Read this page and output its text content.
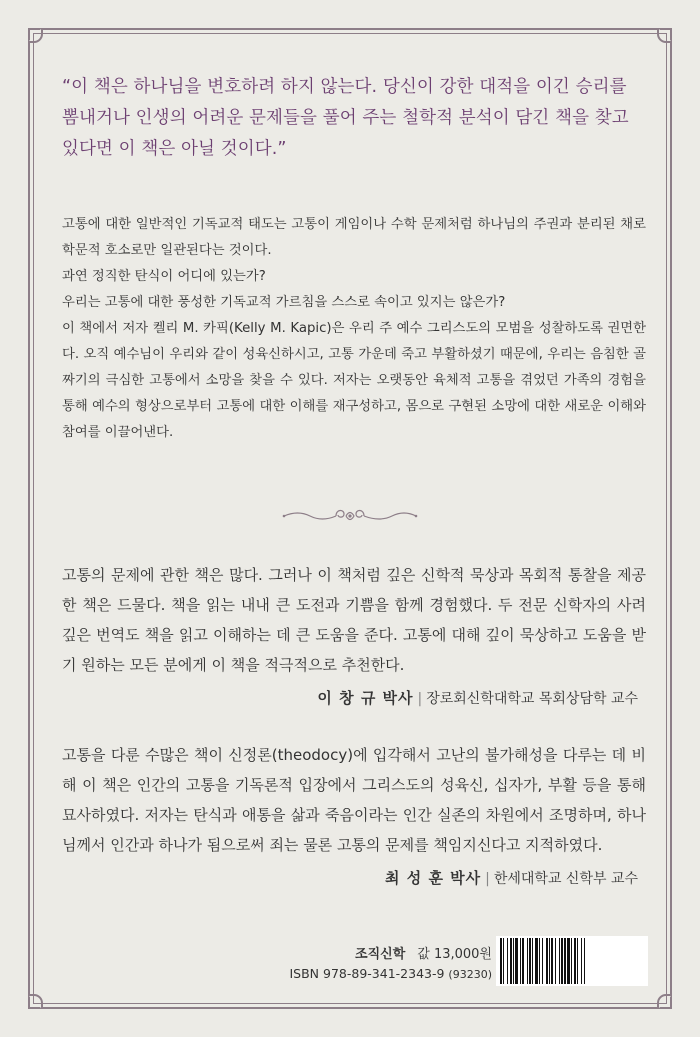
“이 책은 하나님을 변호하려 하지 않는다. 당신이 강한 대적을 이긴 승리를
뽐내거나 인생의 어려운 문제들을 풀어 주는 철학적 분석이 담긴 책을 찾고
있다면 이 책은 아닐 것이다.”

고통에 대한 일반적인 기독교적 태도는 고통이 게임이나 수학 문제처럼 하나님의 주권과 분리된 채로 학문적 호소로만 일관된다는 것이다.

과연 정직한 탄식이 어디에 있는가?

우리는 고통에 대한 풍성한 기독교적 가르침을 스스로 속이고 있지는 않은가?

이 책에서 저자 켈리 M. 카픽(Kelly M. Kapic)은 우리 주 예수 그리스도의 모범을 성찰하도록 권면한다. 오직 예수님이 우리와 같이 성육신하시고, 고통 가운데 죽고 부활하셨기 때문에, 우리는 음침한 골짜기의 극심한 고통에서 소망을 찾을 수 있다. 저자는 오랫동안 육체적 고통을 겪었던 가족의 경험을 통해 예수의 형상으로부터 고통에 대한 이해를 재구성하고, 몸으로 구현된 소망에 대한 새로운 이해와 참여를 이끌어낸다.

고통의 문제에 관한 책은 많다. 그러나 이 책처럼 깊은 신학적 묵상과 목회적 통찰을 제공한 책은 드물다. 책을 읽는 내내 큰 도전과 기쁨을 함께 경험했다. 두 전문 신학자의 사려 깊은 번역도 책을 읽고 이해하는 데 큰 도움을 준다. 고통에 대해 깊이 묵상하고 도움을 받기 원하는 모든 분에게 이 책을 적극적으로 추천한다.

이 창 규 박사 | 장로회신학대학교 목회상담학 교수

고통을 다룬 수많은 책이 신정론(theodocy)에 입각해서 고난의 불가해성을 다루는 데 비해 이 책은 인간의 고통을 기독론적 입장에서 그리스도의 성육신, 십자가, 부활 등을 통해 묘사하였다. 저자는 탄식과 애통을 삶과 죽음이라는 인간 실존의 차원에서 조명하며, 하나님께서 인간과 하나가 됨으로써 죄는 물론 고통의 문제를 책임지신다고 지적하였다.

최 성 훈 박사 | 한세대학교 신학부 교수
조직신학 값 13,000원
ISBN 978-89-341-2343-9 (93230)
